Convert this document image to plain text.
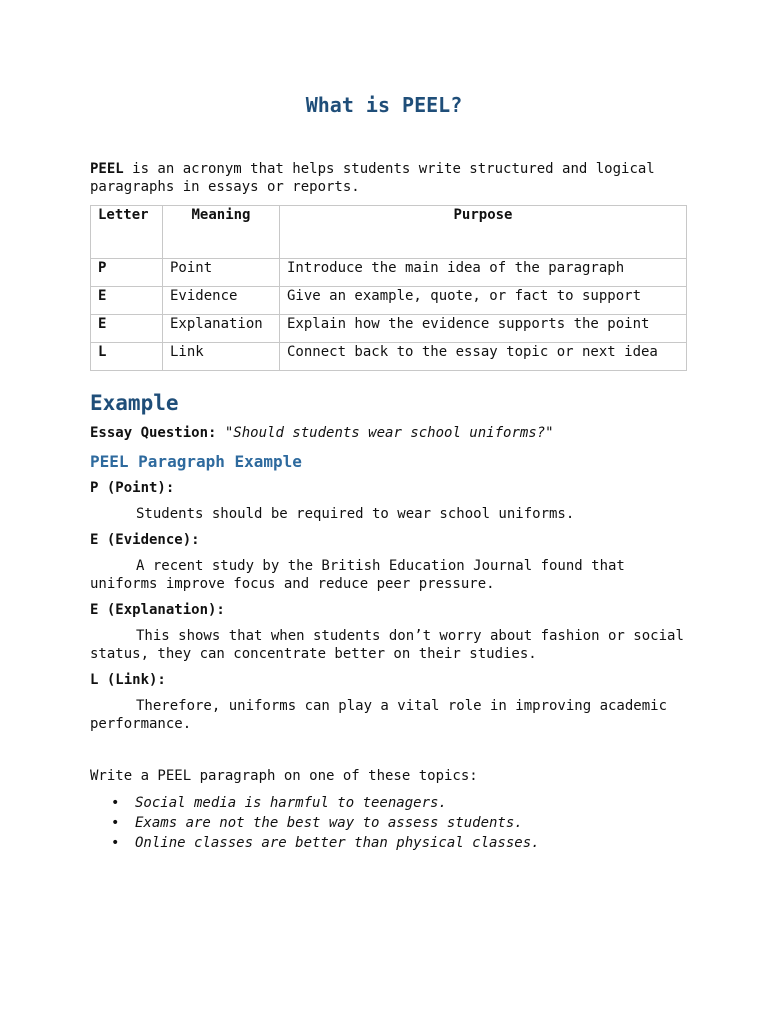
What is PEEL?

PEEL is an acronym that helps students write structured and logical paragraphs in essays or reports.

Letter	Meaning	Purpose
P	Point	Introduce the main idea of the paragraph
E	Evidence	Give an example, quote, or fact to support
E	Explanation	Explain how the evidence supports the point
L	Link	Connect back to the essay topic or next idea
Example

Essay Question: "Should students wear school uniforms?"

PEEL Paragraph Example

P (Point):

Students should be required to wear school uniforms.

E (Evidence):

A recent study by the British Education Journal found that uniforms improve focus and reduce peer pressure.

E (Explanation):

This shows that when students don’t worry about fashion or social status, they can concentrate better on their studies.

L (Link):

Therefore, uniforms can play a vital role in improving academic performance.

Write a PEEL paragraph on one of these topics:

• Social media is harmful to teenagers.
• Exams are not the best way to assess students.
• Online classes are better than physical classes.
